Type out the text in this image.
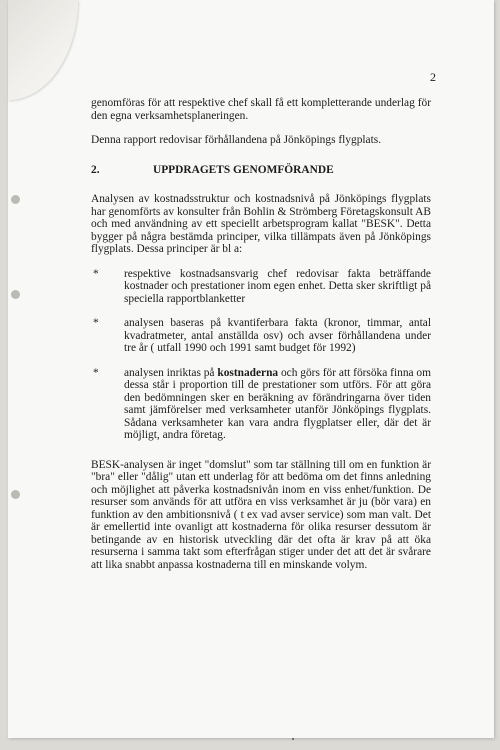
2

genomföras för att respektive chef skall få ett kompletterande underlag för den egna verksamhetsplaneringen.

Denna rapport redovisar förhållandena på Jönköpings flygplats.

2.	UPPDRAGETS GENOMFÖRANDE

Analysen av kostnadsstruktur och kostnadsnivå på Jönköpings flygplats har genomförts av konsulter från Bohlin & Strömberg Företagskonsult AB och med användning av ett speciellt arbetsprogram kallat "BESK". Detta bygger på några bestämda principer, vilka tillämpats även på Jönköpings flygplats. Dessa principer är bl a:

*	respektive kostnadsansvarig chef redovisar fakta beträffande kostnader och prestationer inom egen enhet. Detta sker skriftligt på speciella rapportblanketter
*	analysen baseras på kvantiferbara fakta (kronor, timmar, antal kvadratmeter, antal anställda osv) och avser förhållandena under tre år ( utfall 1990 och 1991 samt budget för 1992)
*	analysen inriktas på kostnaderna och görs för att försöka finna om dessa står i proportion till de prestationer som utförs. För att göra den bedömningen sker en beräkning av förändringarna över tiden samt jämförelser med verksamheter utanför Jönköpings flygplats. Sådana verksamheter kan vara andra flygplatser eller, där det är möjligt, andra företag.

BESK-analysen är inget "domslut" som tar ställning till om en funktion är "bra" eller "dålig" utan ett underlag för att bedöma om det finns anledning och möjlighet att påverka kostnadsnivån inom en viss enhet/funktion. De resurser som används för att utföra en viss verksamhet är ju (bör vara) en funktion av den ambitionsnivå ( t ex vad avser service) som man valt. Det är emellertid inte ovanligt att kostnaderna för olika resurser dessutom är betingande av en historisk utveckling där det ofta är krav på att öka resurserna i samma takt som efterfrågan stiger under det att det är svårare att lika snabbt anpassa kostnaderna till en minskande volym.
